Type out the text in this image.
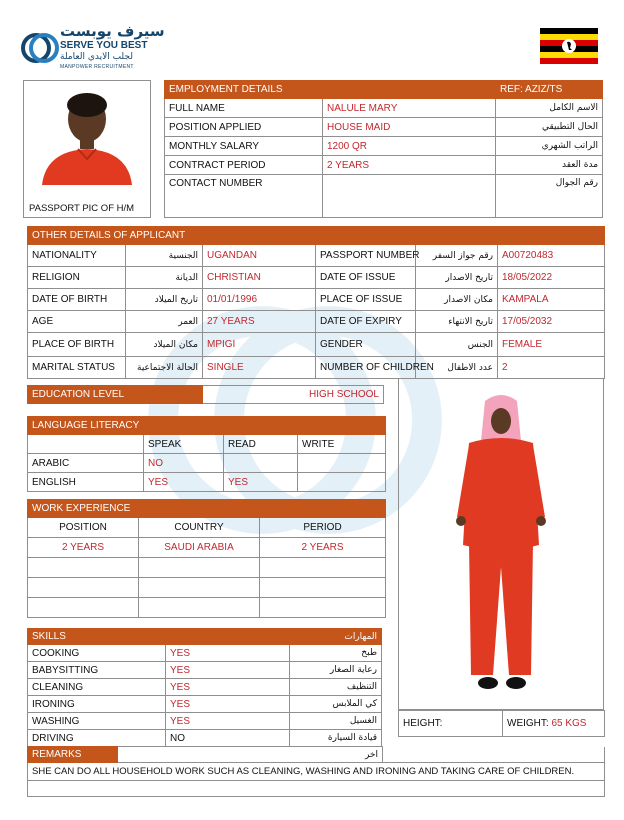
سيرف يوبست
SERVE YOU BEST
لجلب الايدي العاملة
MANPOWER RECRUITMENT
PASSPORT PIC OF H/M
EMPLOYMENT DETAILS		REF: AZIZ/TS
FULL NAME	NALULE MARY	الاسم الكامل
POSITION APPLIED	HOUSE MAID	الحال التطبيقي
MONTHLY SALARY	1200 QR	الراتب الشهري
CONTRACT PERIOD	2 YEARS	مدة العقد
CONTACT NUMBER		رقم الجوال
OTHER DETAILS OF APPLICANT					
NATIONALITY	الجنسية	UGANDAN	PASSPORT NUMBER	رقم جواز السفر	A00720483
RELIGION	الديانة	CHRISTIAN	DATE OF ISSUE	تاريخ الاصدار	18/05/2022
DATE OF BIRTH	تاريخ الميلاد	01/01/1996	PLACE OF ISSUE	مكان الاصدار	KAMPALA
AGE	العمر	27 YEARS	DATE OF EXPIRY	تاريخ الانتهاء	17/05/2032
PLACE OF BIRTH	مكان الميلاد	MPIGI	GENDER	الجنس	FEMALE
MARITAL STATUS	الحالة الاجتماعية	SINGLE	NUMBER OF CHILDREN	عدد الاطفال	2
EDUCATION LEVEL	HIGH SCHOOL
LANGUAGE LITERACY			
	SPEAK	READ	WRITE
ARABIC	NO		
ENGLISH	YES	YES	
WORK EXPERIENCE		
POSITION	COUNTRY	PERIOD
2 YEARS	SAUDI ARABIA	2 YEARS

SKILLS		المهارات
COOKING	YES	طبخ
BABYSITTING	YES	رعاية الصغار
CLEANING	YES	التنظيف
IRONING	YES	كي الملابس
WASHING	YES	الغسيل
DRIVING	NO	قيادة السيارة
HEIGHT:	WEIGHT: 65 KGS
REMARKS	اخر	
SHE CAN DO ALL HOUSEHOLD WORK SUCH AS CLEANING, WASHING AND IRONING AND TAKING CARE OF CHILDREN.
